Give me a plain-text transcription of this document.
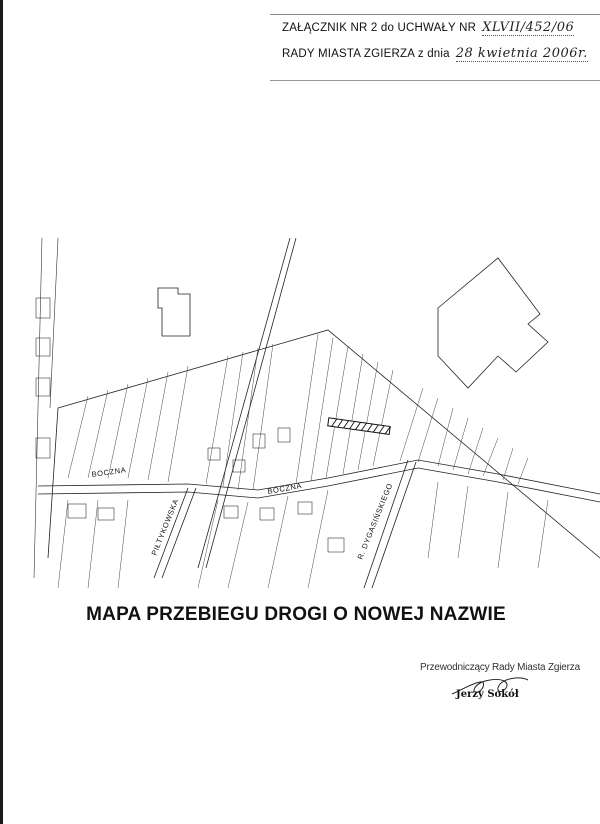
ZAŁĄCZNIK NR 2 do UCHWAŁY NR XLVII/452/06
RADY MIASTA ZGIERZA z dnia 28 kwietnia 2006r.
BOCZNA
PIŁTYKOWSKA
BOCZNA	R. DYGASIŃSKIEGO
MAPA PRZEBIEGU DROGI O NOWEJ NAZWIE
Przewodniczący Rady Miasta Zgierza
Jerzy Sokół
